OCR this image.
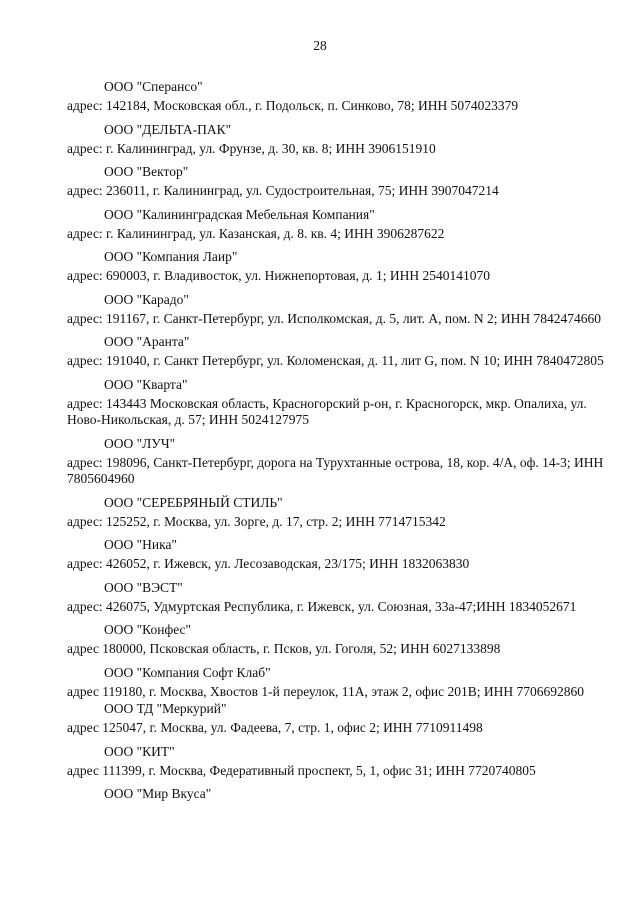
28

ООО "Сперансо"

адрес: 142184, Московская обл., г. Подольск, п. Синково, 78; ИНН 5074023379

ООО "ДЕЛЬТА-ПАК"

адрес: г. Калининград, ул. Фрунзе, д. 30, кв. 8; ИНН 3906151910

ООО "Вектор"

адрес: 236011, г. Калининград, ул. Судостроительная, 75; ИНН 3907047214

ООО "Калининградская Мебельная Компания"

адрес: г. Калининград, ул. Казанская, д. 8. кв. 4; ИНН 3906287622

ООО "Компания Лаир"

адрес: 690003, г. Владивосток, ул. Нижнепортовая, д. 1; ИНН 2540141070

ООО "Карадо"

адрес: 191167, г. Санкт-Петербург, ул. Исполкомская, д. 5, лит. А, пом. N 2; ИНН 7842474660

ООО "Аранта"

адрес: 191040, г. Санкт Петербург, ул. Коломенская, д. 11, лит G, пом. N 10; ИНН 7840472805

ООО "Кварта"

адрес: 143443 Московская область, Красногорский р-он, г. Красногорск, мкр. Опалиха, ул. Ново-Никольская, д. 57; ИНН 5024127975

ООО "ЛУЧ"

адрес: 198096, Санкт-Петербург, дорога на Турухтанные острова, 18, кор. 4/А, оф. 14-3; ИНН 7805604960

ООО "СЕРЕБРЯНЫЙ СТИЛЬ"

адрес: 125252, г. Москва, ул. Зорге, д. 17, стр. 2; ИНН 7714715342

ООО "Ника"

адрес: 426052, г. Ижевск, ул. Лесозаводская, 23/175; ИНН 1832063830

ООО "ВЭСТ"

адрес: 426075, Удмуртская Республика, г. Ижевск, ул. Союзная, 33а-47;ИНН 1834052671

ООО "Конфес"

адрес 180000, Псковская область, г. Псков, ул. Гоголя, 52; ИНН 6027133898

ООО "Компания Софт Клаб"

адрес 119180, г. Москва, Хвостов 1-й переулок, 11А, этаж 2, офис 201В; ИНН 7706692860

ООО ТД "Меркурий"

адрес 125047, г. Москва, ул. Фадеева, 7, стр. 1, офис 2; ИНН 7710911498

ООО "КИТ"

адрес 111399, г. Москва, Федеративный проспект, 5, 1, офис 31; ИНН 7720740805

ООО "Мир Вкуса"
